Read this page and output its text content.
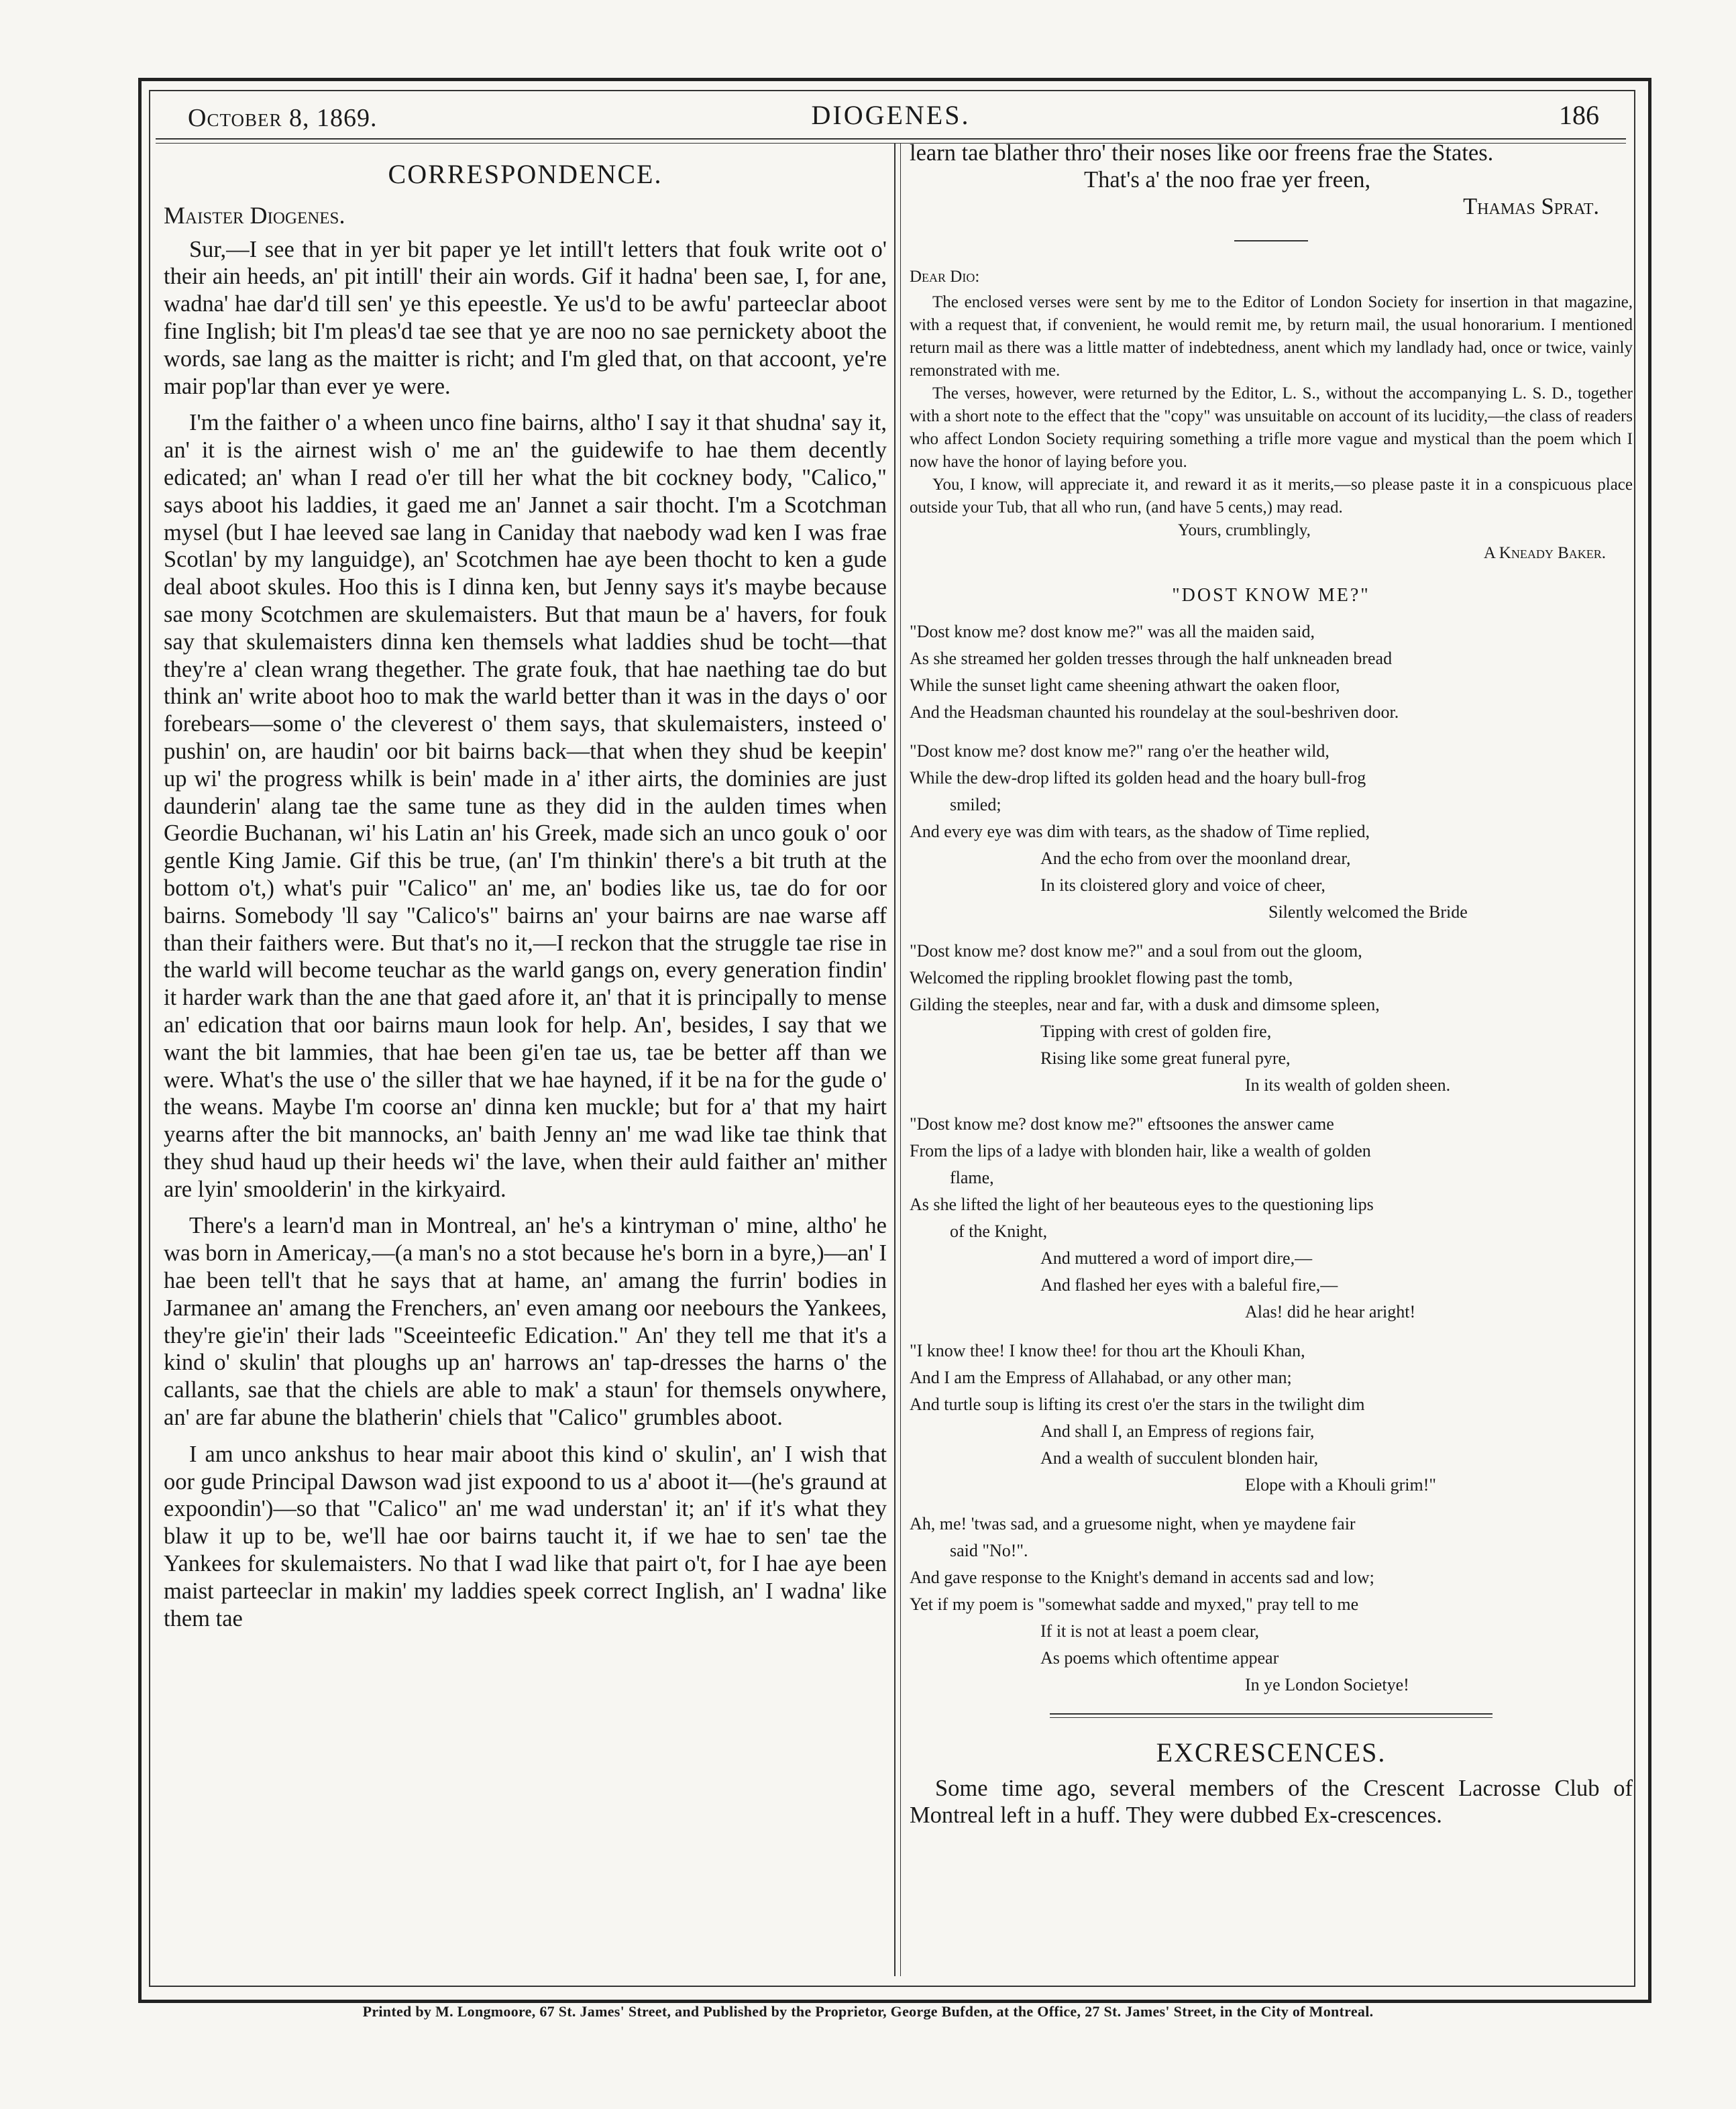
October 8, 1869.	DIOGENES.	186

CORRESPONDENCE.

Maister Diogenes.

Sur,—I see that in yer bit paper ye let intill't letters that fouk write oot o' their ain heeds, an' pit intill' their ain words. Gif it hadna' been sae, I, for ane, wadna' hae dar'd till sen' ye this epeestle. Ye us'd to be awfu' parteeclar aboot fine Inglish; bit I'm pleas'd tae see that ye are noo no sae pernickety aboot the words, sae lang as the maitter is richt; and I'm gled that, on that accoont, ye're mair pop'lar than ever ye were.

I'm the faither o' a wheen unco fine bairns, altho' I say it that shudna' say it, an' it is the airnest wish o' me an' the guidewife to hae them decently edicated; an' whan I read o'er till her what the bit cockney body, "Calico," says aboot his laddies, it gaed me an' Jannet a sair thocht. I'm a Scotchman mysel (but I hae leeved sae lang in Caniday that naebody wad ken I was frae Scotlan' by my languidge), an' Scotchmen hae aye been thocht to ken a gude deal aboot skules. Hoo this is I dinna ken, but Jenny says it's maybe because sae mony Scotchmen are skulemaisters. But that maun be a' havers, for fouk say that skulemaisters dinna ken themsels what laddies shud be tocht—that they're a' clean wrang thegether. The grate fouk, that hae naething tae do but think an' write aboot hoo to mak the warld better than it was in the days o' oor forebears—some o' the cleverest o' them says, that skulemaisters, insteed o' pushin' on, are haudin' oor bit bairns back—that when they shud be keepin' up wi' the progress whilk is bein' made in a' ither airts, the dominies are just daunderin' alang tae the same tune as they did in the aulden times when Geordie Buchanan, wi' his Latin an' his Greek, made sich an unco gouk o' oor gentle King Jamie. Gif this be true, (an' I'm thinkin' there's a bit truth at the bottom o't,) what's puir "Calico" an' me, an' bodies like us, tae do for oor bairns. Somebody 'll say "Calico's" bairns an' your bairns are nae warse aff than their faithers were. But that's no it,—I reckon that the struggle tae rise in the warld will become teuchar as the warld gangs on, every generation findin' it harder wark than the ane that gaed afore it, an' that it is principally to mense an' edication that oor bairns maun look for help. An', besides, I say that we want the bit lammies, that hae been gi'en tae us, tae be better aff than we were. What's the use o' the siller that we hae hayned, if it be na for the gude o' the weans. Maybe I'm coorse an' dinna ken muckle; but for a' that my hairt yearns after the bit mannocks, an' baith Jenny an' me wad like tae think that they shud haud up their heeds wi' the lave, when their auld faither an' mither are lyin' smoolderin' in the kirkyaird.

There's a learn'd man in Montreal, an' he's a kintryman o' mine, altho' he was born in Americay,—(a man's no a stot because he's born in a byre,)—an' I hae been tell't that he says that at hame, an' amang the furrin' bodies in Jarmanee an' amang the Frenchers, an' even amang oor neebours the Yankees, they're gie'in' their lads "Sceeinteefic Edication." An' they tell me that it's a kind o' skulin' that ploughs up an' harrows an' tap-dresses the harns o' the callants, sae that the chiels are able to mak' a staun' for themsels onywhere, an' are far abune the blatherin' chiels that "Calico" grumbles aboot.

I am unco ankshus to hear mair aboot this kind o' skulin', an' I wish that oor gude Principal Dawson wad jist expoond to us a' aboot it—(he's graund at expoondin')—so that "Calico" an' me wad understan' it; an' if it's what they blaw it up to be, we'll hae oor bairns taucht it, if we hae to sen' tae the Yankees for skulemaisters. No that I wad like that pairt o't, for I hae aye been maist parteeclar in makin' my laddies speek correct Inglish, an' I wadna' like them tae

learn tae blather thro' their noses like oor freens frae the States.

That's a' the noo frae yer freen,
Thamas Sprat.

Dear Dio:

The enclosed verses were sent by me to the Editor of London Society for insertion in that magazine, with a request that, if convenient, he would remit me, by return mail, the usual honorarium. I mentioned return mail as there was a little matter of indebtedness, anent which my landlady had, once or twice, vainly remonstrated with me.

The verses, however, were returned by the Editor, L. S., without the accompanying L. S. D., together with a short note to the effect that the "copy" was unsuitable on account of its lucidity,—the class of readers who affect London Society requiring something a trifle more vague and mystical than the poem which I now have the honor of laying before you.

You, I know, will appreciate it, and reward it as it merits,—so please paste it in a conspicuous place outside your Tub, that all who run, (and have 5 cents,) may read.

Yours, crumblingly,

A Kneady Baker.

"DOST KNOW ME?"
"Dost know me? dost know me?" was all the maiden said,
As she streamed her golden tresses through the half unkneaden bread
While the sunset light came sheening athwart the oaken floor,
And the Headsman chaunted his roundelay at the soul-beshriven door.
"Dost know me? dost know me?" rang o'er the heather wild,
While the dew-drop lifted its golden head and the hoary bull-frog
smiled;
And every eye was dim with tears, as the shadow of Time replied,
And the echo from over the moonland drear,
In its cloistered glory and voice of cheer,
Silently welcomed the Bride
"Dost know me? dost know me?" and a soul from out the gloom,
Welcomed the rippling brooklet flowing past the tomb,
Gilding the steeples, near and far, with a dusk and dimsome spleen,
Tipping with crest of golden fire,
Rising like some great funeral pyre,
In its wealth of golden sheen.
"Dost know me? dost know me?" eftsoones the answer came
From the lips of a ladye with blonden hair, like a wealth of golden
flame,
As she lifted the light of her beauteous eyes to the questioning lips
of the Knight,
And muttered a word of import dire,—
And flashed her eyes with a baleful fire,—
Alas! did he hear aright!
"I know thee! I know thee! for thou art the Khouli Khan,
And I am the Empress of Allahabad, or any other man;
And turtle soup is lifting its crest o'er the stars in the twilight dim
And shall I, an Empress of regions fair,
And a wealth of succulent blonden hair,
Elope with a Khouli grim!"
Ah, me! 'twas sad, and a gruesome night, when ye maydene fair
said "No!".
And gave response to the Knight's demand in accents sad and low;
Yet if my poem is "somewhat sadde and myxed," pray tell to me
If it is not at least a poem clear,
As poems which oftentime appear
In ye London Societye!
EXCRESCENCES.

Some time ago, several members of the Crescent Lacrosse Club of Montreal left in a huff. They were dubbed Ex-crescences.

Printed by M. Longmoore, 67 St. James' Street, and Published by the Proprietor, George Bufden, at the Office, 27 St. James' Street, in the City of Montreal.
